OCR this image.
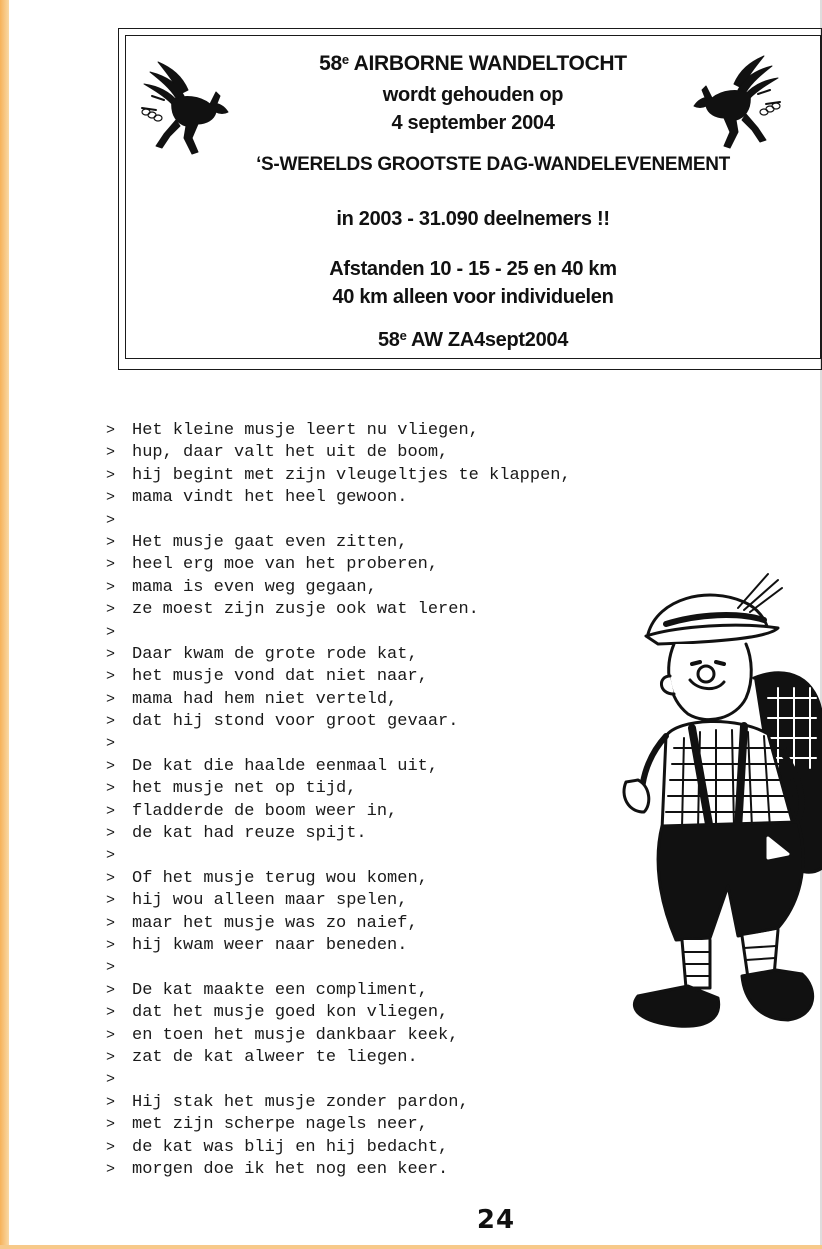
58e AIRBORNE WANDELTOCHT
wordt gehouden op
4 september 2004
‘S-WERELDS GROOTSTE DAG-WANDELEVENEMENT
in 2003 - 31.090 deelnemers !!
Afstanden 10 - 15 - 25 en 40 km
40 km alleen voor individuelen
58e AW ZA4sept2004
> Het kleine musje leert nu vliegen,
> hup, daar valt het uit de boom,
> hij begint met zijn vleugeltjes te klappen,
> mama vindt het heel gewoon.
>
> Het musje gaat even zitten,
> heel erg moe van het proberen,
> mama is even weg gegaan,
> ze moest zijn zusje ook wat leren.
>
> Daar kwam de grote rode kat,
> het musje vond dat niet naar,
> mama had hem niet verteld,
> dat hij stond voor groot gevaar.
>
> De kat die haalde eenmaal uit,
> het musje net op tijd,
> fladderde de boom weer in,
> de kat had reuze spijt.
>
> Of het musje terug wou komen,
> hij wou alleen maar spelen,
> maar het musje was zo naief,
> hij kwam weer naar beneden.
>
> De kat maakte een compliment,
> dat het musje goed kon vliegen,
> en toen het musje dankbaar keek,
> zat de kat alweer te liegen.
>
> Hij stak het musje zonder pardon,
> met zijn scherpe nagels neer,
> de kat was blij en hij bedacht,
> morgen doe ik het nog een keer.
24
